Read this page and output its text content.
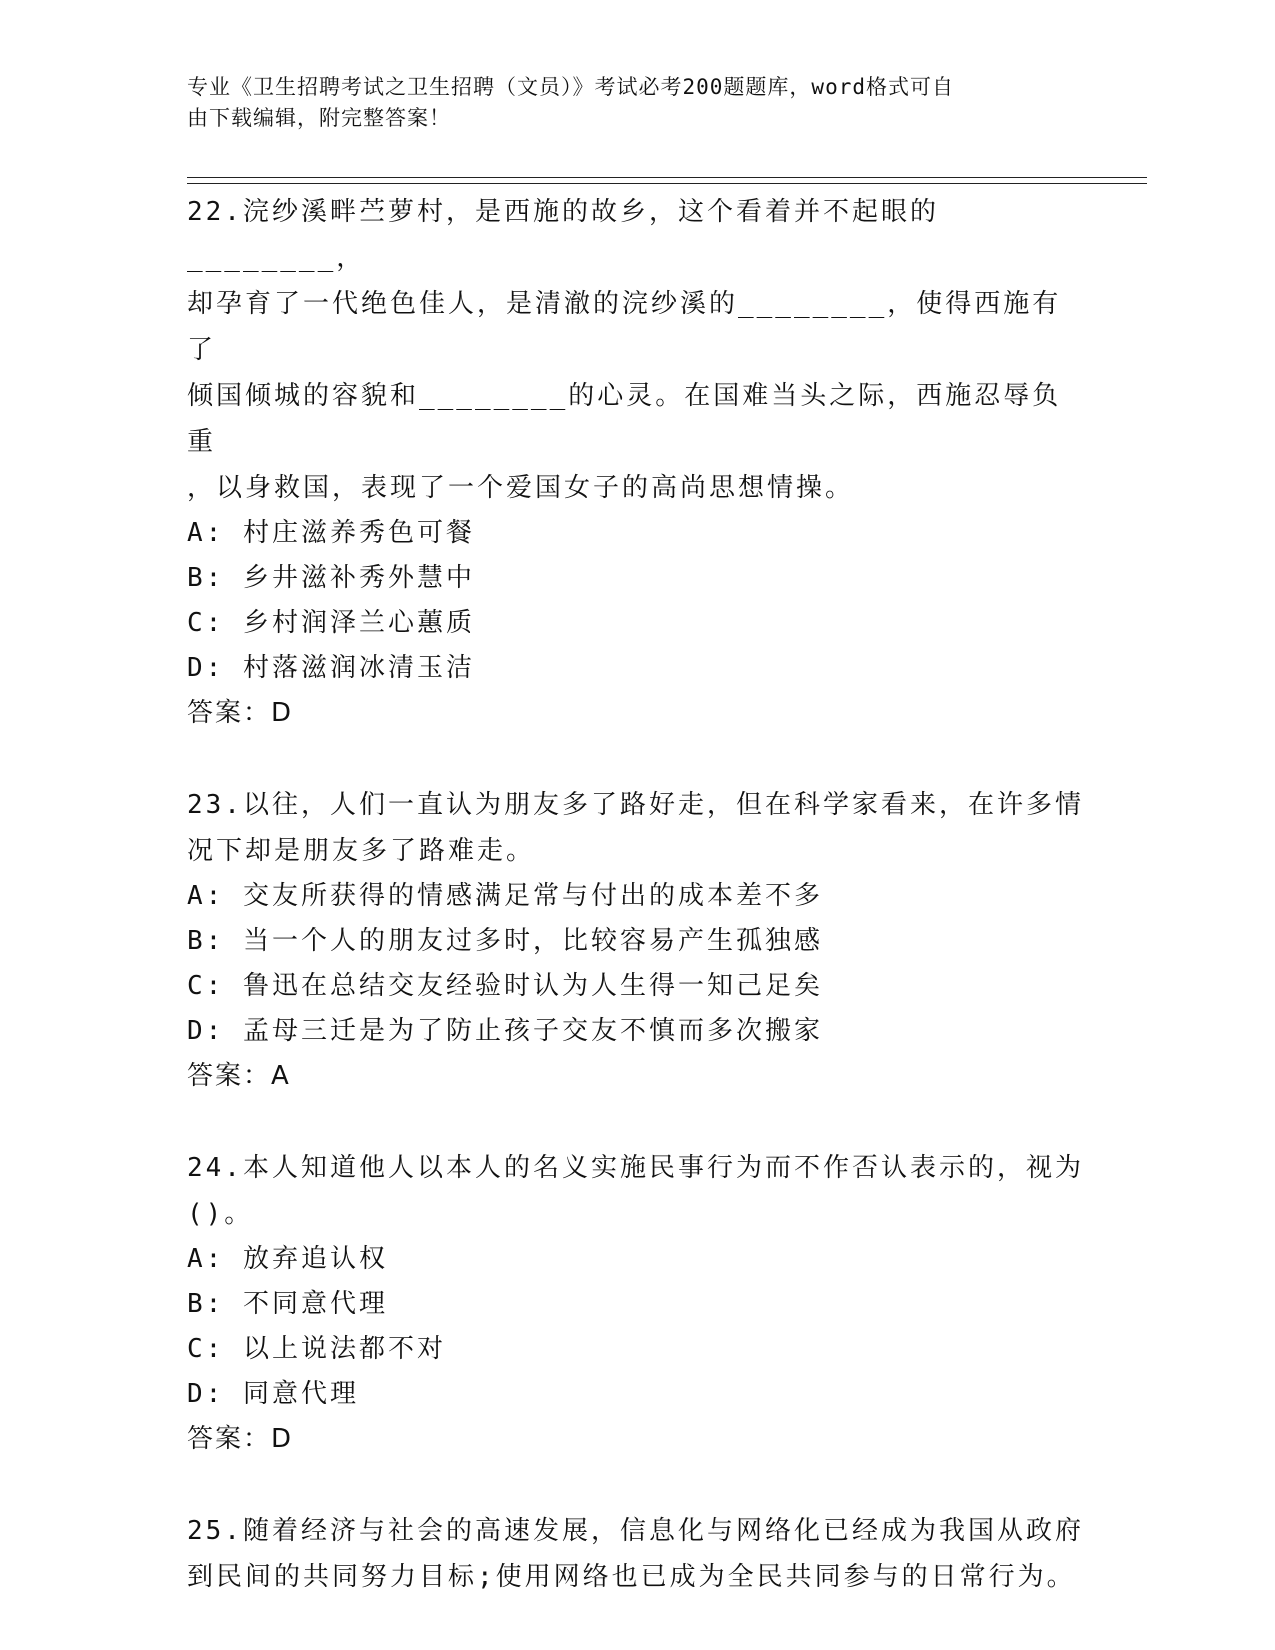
专业《卫生招聘考试之卫生招聘（文员）》考试必考200题题库，word格式可自
由下载编辑，附完整答案！

22.浣纱溪畔苎萝村，是西施的故乡，这个看着并不起眼的________，

却孕育了一代绝色佳人，是清澈的浣纱溪的________，使得西施有了

倾国倾城的容貌和________的心灵。在国难当头之际，西施忍辱负重

，以身救国，表现了一个爱国女子的高尚思想情操。

A: 村庄滋养秀色可餐

B: 乡井滋补秀外慧中

C: 乡村润泽兰心蕙质

D: 村落滋润冰清玉洁

答案：D

23.以往，人们一直认为朋友多了路好走，但在科学家看来，在许多情

况下却是朋友多了路难走。

A: 交友所获得的情感满足常与付出的成本差不多

B: 当一个人的朋友过多时，比较容易产生孤独感

C: 鲁迅在总结交友经验时认为人生得一知己足矣

D: 孟母三迁是为了防止孩子交友不慎而多次搬家

答案：A

24.本人知道他人以本人的名义实施民事行为而不作否认表示的，视为

()。

A: 放弃追认权

B: 不同意代理

C: 以上说法都不对

D: 同意代理

答案：D

25.随着经济与社会的高速发展，信息化与网络化已经成为我国从政府

到民间的共同努力目标;使用网络也已成为全民共同参与的日常行为。
